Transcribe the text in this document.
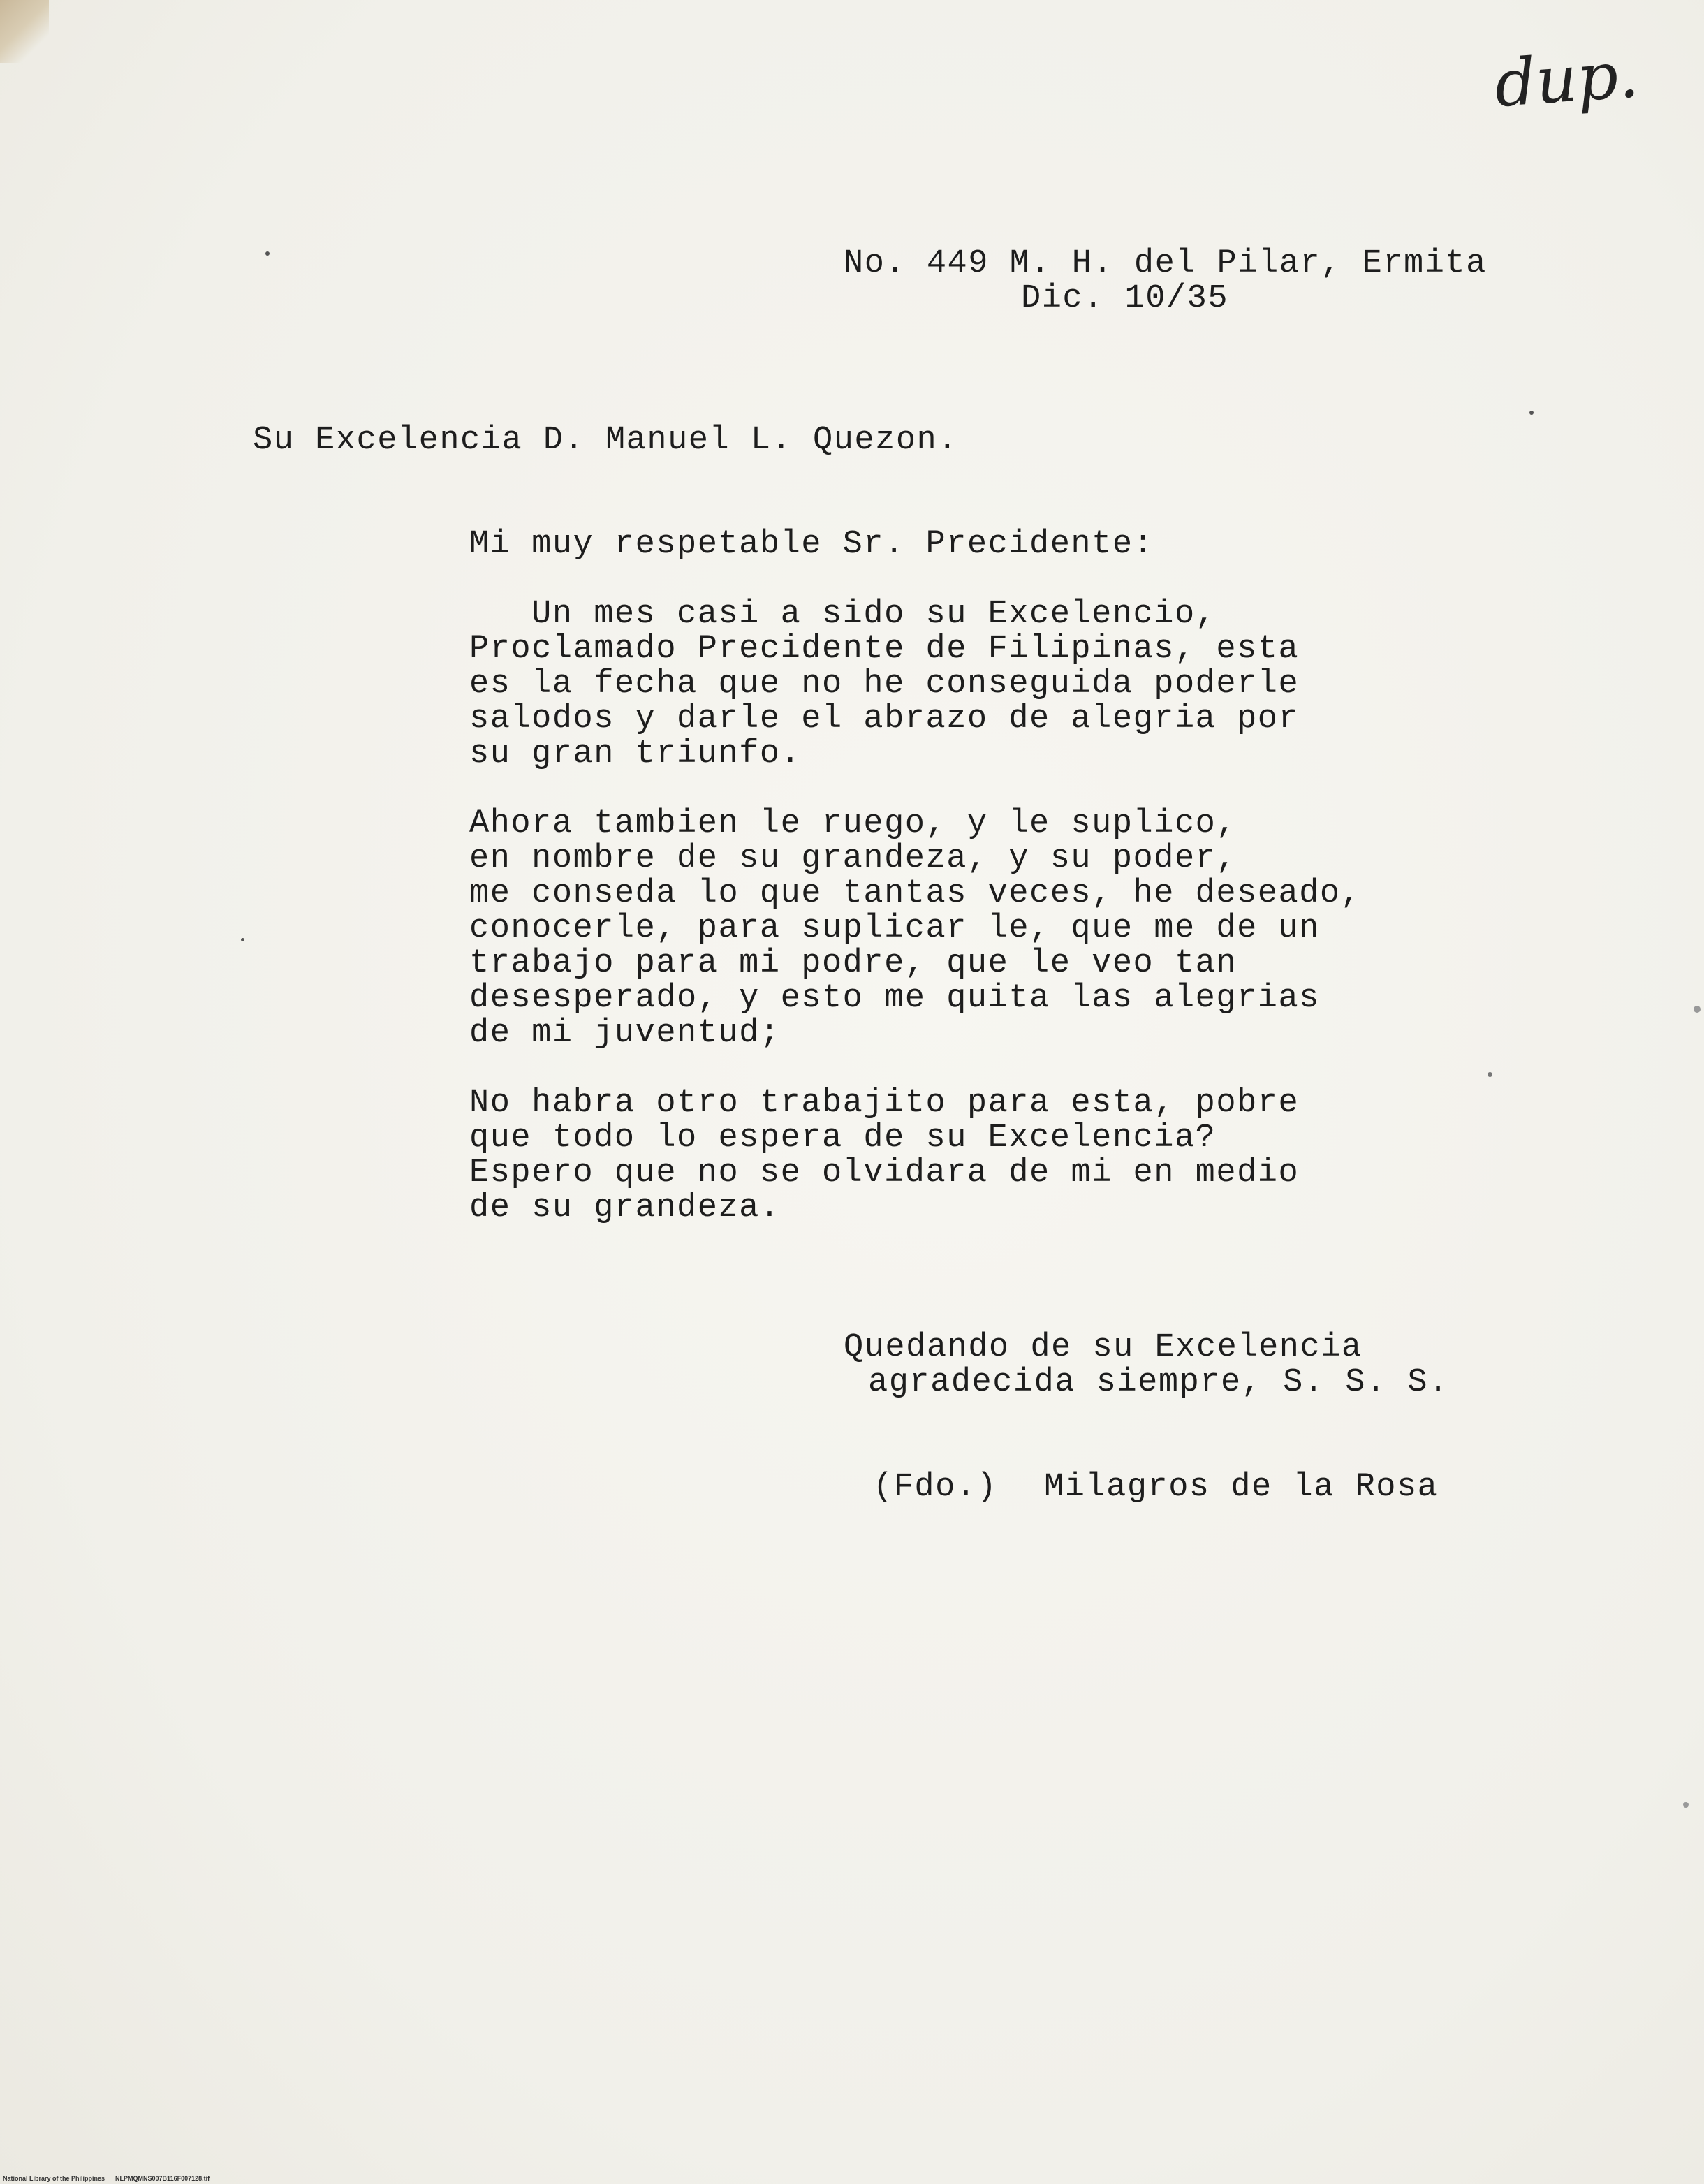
dup.

No. 449 M. H. del Pilar, Ermita

Dic. 10/35

Su Excelencia D. Manuel L. Quezon.

Mi muy respetable Sr. Precidente:

Un mes casi a sido su Excelencio,

Proclamado Precidente de Filipinas, esta

es la fecha que no he conseguida poderle

salodos y darle el abrazo de alegria por

su gran triunfo.

Ahora tambien le ruego, y le suplico,

en nombre de su grandeza, y su poder,

me conseda lo que tantas veces, he deseado,

conocerle, para suplicar le, que me de un

trabajo para mi podre, que le veo tan

desesperado, y esto me quita las alegrias

de mi juventud;

No habra otro trabajito para esta, pobre

que todo lo espera de su Excelencia?

Espero que no se olvidara de mi en medio

de su grandeza.

Quedando de su Excelencia

agradecida siempre, S. S. S.

(Fdo.) Milagros de la Rosa

National Library of the Philippines NLPMQMNS007B116F007128.tif
